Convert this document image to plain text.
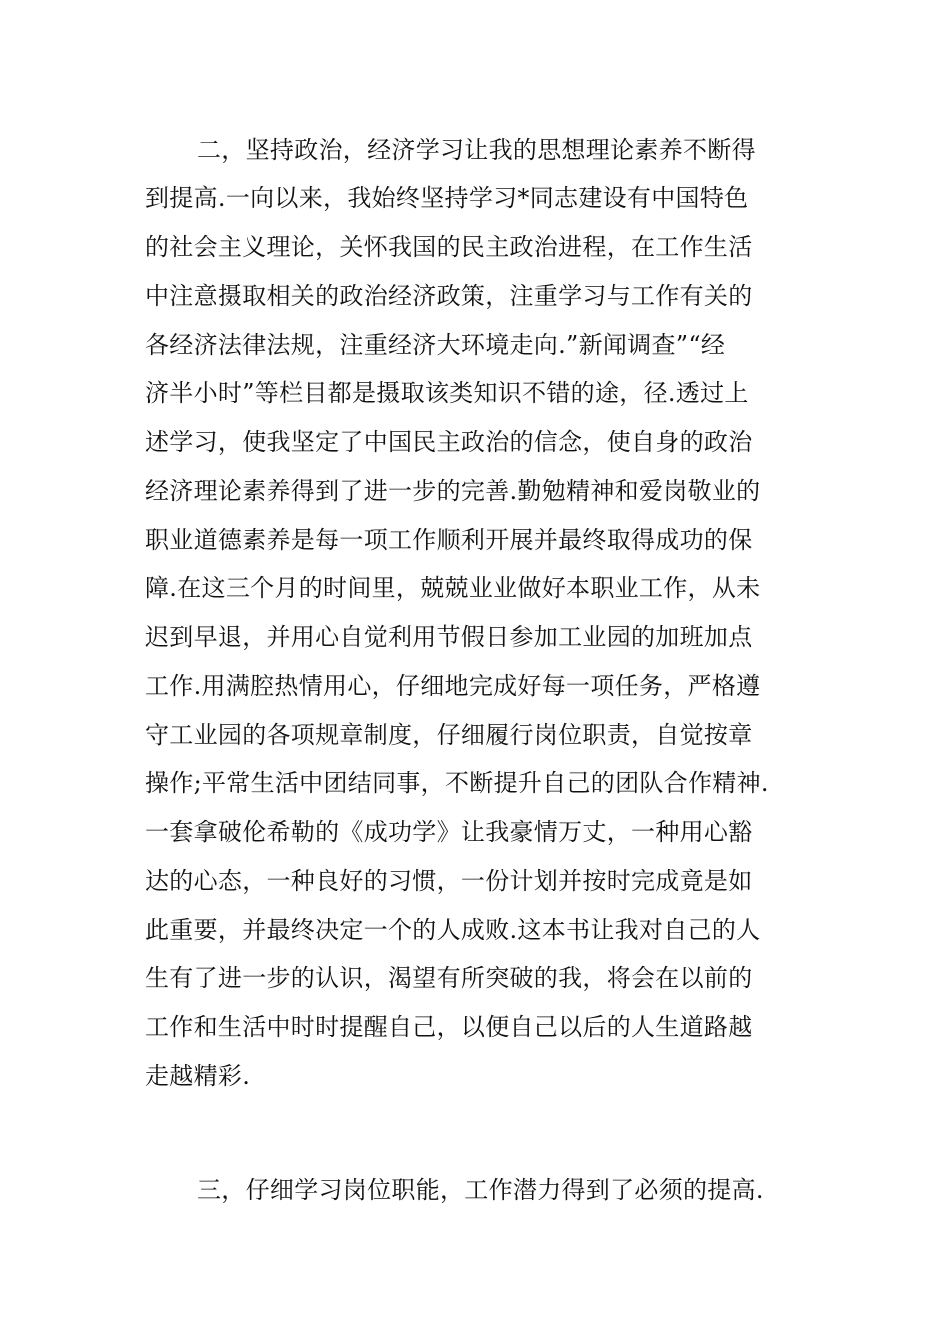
二，坚持政治，经济学习让我的思想理论素养不断得
到提高.一向以来，我始终坚持学习*同志建设有中国特色
的社会主义理论，关怀我国的民主政治进程，在工作生活
中注意摄取相关的政治经济政策，注重学习与工作有关的
各经济法律法规，注重经济大环境走向.”新闻调查”“经
济半小时”等栏目都是摄取该类知识不错的途，径.透过上
述学习，使我坚定了中国民主政治的信念，使自身的政治
经济理论素养得到了进一步的完善.勤勉精神和爱岗敬业的
职业道德素养是每一项工作顺利开展并最终取得成功的保
障.在这三个月的时间里，兢兢业业做好本职业工作，从未
迟到早退，并用心自觉利用节假日参加工业园的加班加点
工作.用满腔热情用心，仔细地完成好每一项任务，严格遵
守工业园的各项规章制度，仔细履行岗位职责，自觉按章
操作;平常生活中团结同事，不断提升自己的团队合作精神.
一套拿破伦希勒的《成功学》让我豪情万丈，一种用心豁
达的心态，一种良好的习惯，一份计划并按时完成竟是如
此重要，并最终决定一个的人成败.这本书让我对自己的人
生有了进一步的认识，渴望有所突破的我，将会在以前的
工作和生活中时时提醒自己，以便自己以后的人生道路越
走越精彩.
三，仔细学习岗位职能，工作潜力得到了必须的提高.
